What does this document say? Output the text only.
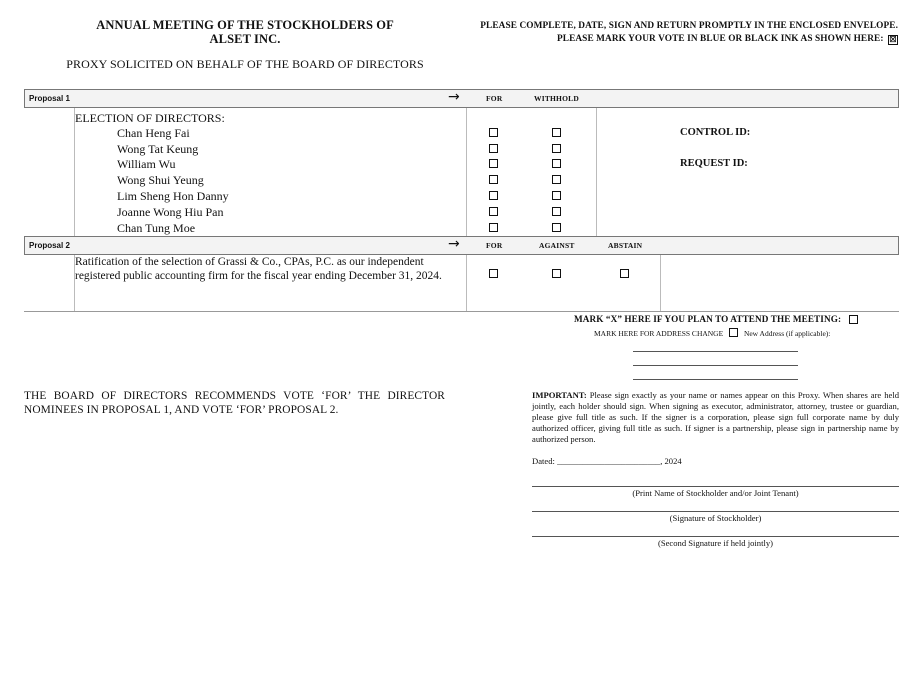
ANNUAL MEETING OF THE STOCKHOLDERS OF
ALSET INC.
PROXY SOLICITED ON BEHALF OF THE BOARD OF DIRECTORS
PLEASE COMPLETE, DATE, SIGN AND RETURN PROMPTLY IN THE ENCLOSED ENVELOPE.
PLEASE MARK YOUR VOTE IN BLUE OR BLACK INK AS SHOWN HERE: ☒
Proposal 1	→	FOR	WITHHOLD
ELECTION OF DIRECTORS:
Chan Heng Fai
Wong Tat Keung
William Wu
Wong Shui Yeung
Lim Sheng Hon Danny
Joanne Wong Hiu Pan
Chan Tung Moe
CONTROL ID:
REQUEST ID:
Proposal 2	→	FOR	AGAINST	ABSTAIN
Ratification of the selection of Grassi & Co., CPAs, P.C. as our independent registered public accounting firm for the fiscal year ending December 31, 2024.
MARK “X” HERE IF YOU PLAN TO ATTEND THE MEETING:
MARK HERE FOR ADDRESS CHANGE	New Address (if applicable):
THE BOARD OF DIRECTORS RECOMMENDS VOTE ‘FOR’ THE DIRECTOR NOMINEES IN PROPOSAL 1, AND VOTE ‘FOR’ PROPOSAL 2.
IMPORTANT: Please sign exactly as your name or names appear on this Proxy. When shares are held jointly, each holder should sign. When signing as executor, administrator, attorney, trustee or guardian, please give full title as such. If the signer is a corporation, please sign full corporate name by duly authorized officer, giving full title as such. If signer is a partnership, please sign in partnership name by authorized person.
Dated: ________________________, 2024
(Print Name of Stockholder and/or Joint Tenant)
(Signature of Stockholder)
(Second Signature if held jointly)
